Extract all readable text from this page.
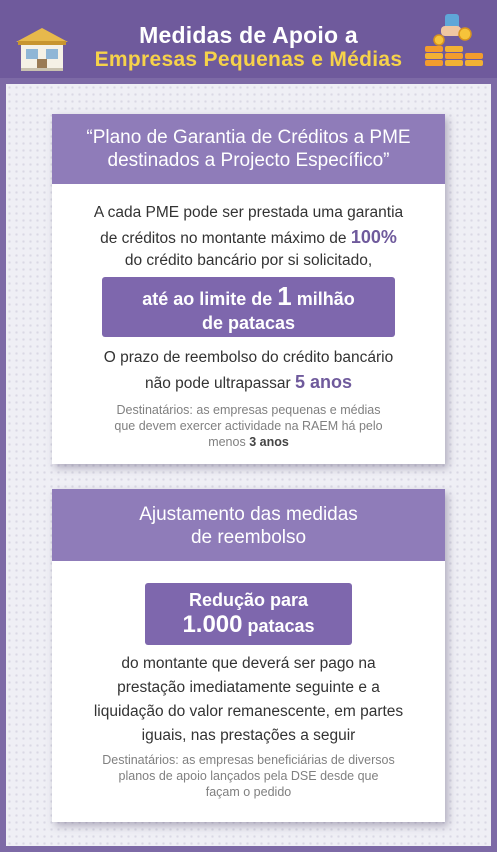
Medidas de Apoio a
Empresas Pequenas e Médias
“Plano de Garantia de Créditos a PME
destinados a Projecto Específico”
A cada PME pode ser prestada uma garantia
de créditos no montante máximo de 100%
do crédito bancário por si solicitado,
até ao limite de 1 milhão
de patacas
O prazo de reembolso do crédito bancário
não pode ultrapassar 5 anos
Destinatários: as empresas pequenas e médias
que devem exercer actividade na RAEM há pelo
menos 3 anos
Ajustamento das medidas
de reembolso
Redução para
1.000 patacas
do montante que deverá ser pago na
prestação imediatamente seguinte e a
liquidação do valor remanescente, em partes
iguais, nas prestações a seguir
Destinatários: as empresas beneficiárias de diversos
planos de apoio lançados pela DSE desde que
façam o pedido
